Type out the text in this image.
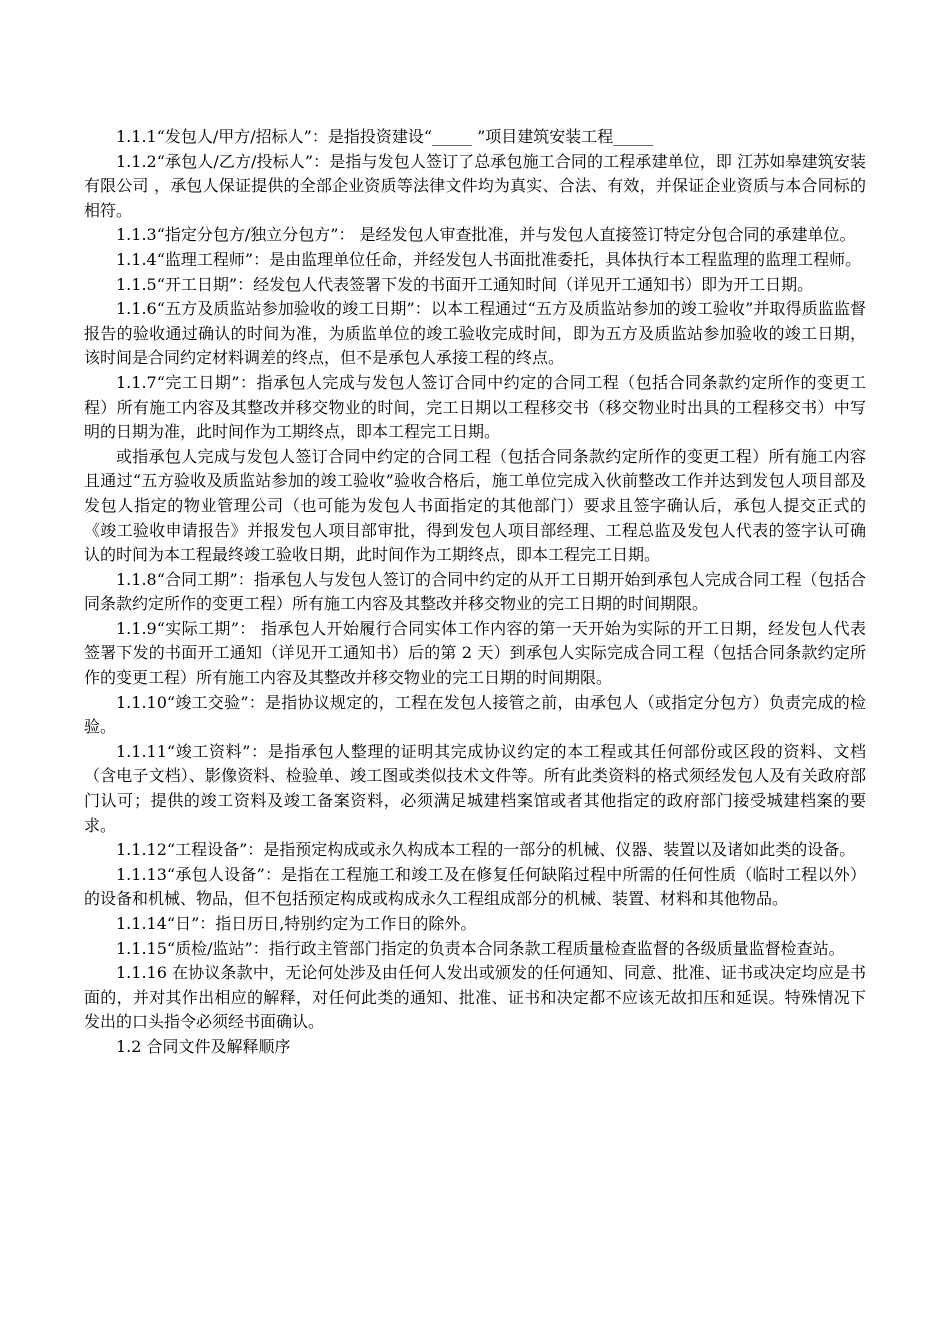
1.1.1“发包人/甲方/招标人”：是指投资建设“_____ ”项目建筑安装工程_____

1.1.2“承包人/乙方/投标人”：是指与发包人签订了总承包施工合同的工程承建单位，即 江苏如皋建筑安装有限公司 ，承包人保证提供的全部企业资质等法律文件均为真实、合法、有效，并保证企业资质与本合同标的相符。

1.1.3“指定分包方/独立分包方”： 是经发包人审查批准，并与发包人直接签订特定分包合同的承建单位。

1.1.4“监理工程师”：是由监理单位任命，并经发包人书面批准委托，具体执行本工程监理的监理工程师。

1.1.5“开工日期”：经发包人代表签署下发的书面开工通知时间（详见开工通知书）即为开工日期。

1.1.6“五方及质监站参加验收的竣工日期”：以本工程通过“五方及质监站参加的竣工验收”并取得质监监督报告的验收通过确认的时间为准，为质监单位的竣工验收完成时间，即为五方及质监站参加验收的竣工日期，该时间是合同约定材料调差的终点，但不是承包人承接工程的终点。

1.1.7“完工日期”：指承包人完成与发包人签订合同中约定的合同工程（包括合同条款约定所作的变更工程）所有施工内容及其整改并移交物业的时间，完工日期以工程移交书（移交物业时出具的工程移交书）中写明的日期为准，此时间作为工期终点，即本工程完工日期。

或指承包人完成与发包人签订合同中约定的合同工程（包括合同条款约定所作的变更工程）所有施工内容且通过“五方验收及质监站参加的竣工验收”验收合格后，施工单位完成入伙前整改工作并达到发包人项目部及发包人指定的物业管理公司（也可能为发包人书面指定的其他部门）要求且签字确认后，承包人提交正式的《竣工验收申请报告》并报发包人项目部审批，得到发包人项目部经理、工程总监及发包人代表的签字认可确认的时间为本工程最终竣工验收日期，此时间作为工期终点，即本工程完工日期。

1.1.8“合同工期”：指承包人与发包人签订的合同中约定的从开工日期开始到承包人完成合同工程（包括合同条款约定所作的变更工程）所有施工内容及其整改并移交物业的完工日期的时间期限。

1.1.9“实际工期”： 指承包人开始履行合同实体工作内容的第一天开始为实际的开工日期，经发包人代表签署下发的书面开工通知（详见开工通知书）后的第 2 天）到承包人实际完成合同工程（包括合同条款约定所作的变更工程）所有施工内容及其整改并移交物业的完工日期的时间期限。

1.1.10“竣工交验”：是指协议规定的，工程在发包人接管之前，由承包人（或指定分包方）负责完成的检验。

1.1.11“竣工资料”：是指承包人整理的证明其完成协议约定的本工程或其任何部份或区段的资料、文档（含电子文档）、影像资料、检验单、竣工图或类似技术文件等。所有此类资料的格式须经发包人及有关政府部门认可；提供的竣工资料及竣工备案资料，必须满足城建档案馆或者其他指定的政府部门接受城建档案的要求。

1.1.12“工程设备”：是指预定构成或永久构成本工程的一部分的机械、仪器、装置以及诸如此类的设备。

1.1.13“承包人设备”：是指在工程施工和竣工及在修复任何缺陷过程中所需的任何性质（临时工程以外）的设备和机械、物品，但不包括预定构成或构成永久工程组成部分的机械、装置、材料和其他物品。

1.1.14“日”：指日历日,特别约定为工作日的除外。

1.1.15“质检/监站”：指行政主管部门指定的负责本合同条款工程质量检查监督的各级质量监督检查站。

1.1.16 在协议条款中，无论何处涉及由任何人发出或颁发的任何通知、同意、批准、证书或决定均应是书面的，并对其作出相应的解释，对任何此类的通知、批准、证书和决定都不应该无故扣压和延误。特殊情况下发出的口头指令必须经书面确认。

1.2 合同文件及解释顺序
